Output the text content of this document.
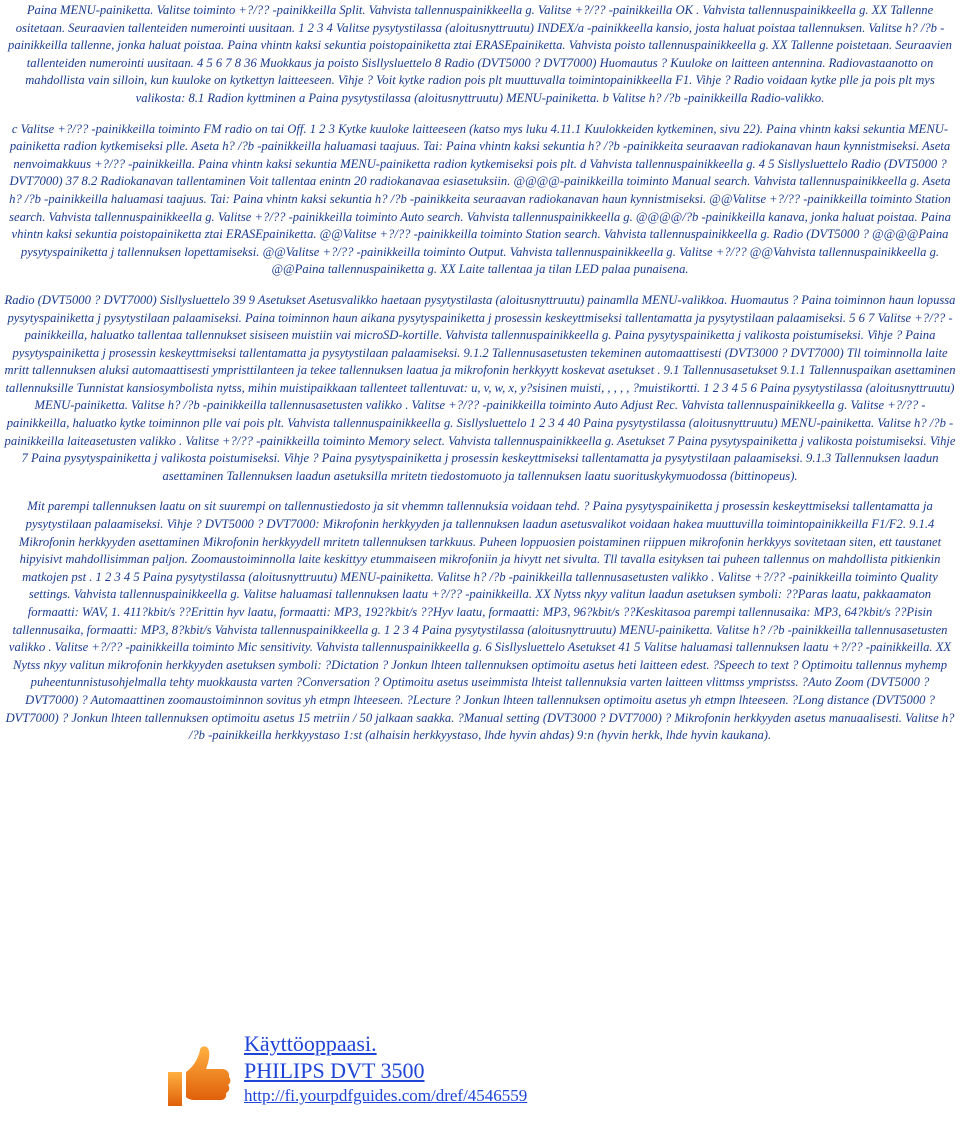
Paina MENU-painiketta. Valitse toiminto +?/?? -painikkeilla Split. Vahvista tallennuspainikkeella g. Valitse +?/?? -painikkeilla OK . Vahvista tallennuspainikkeella g. XX Tallenne ositetaan. Seuraavien tallenteiden numerointi uusitaan. 1 2 3 4 Valitse pysytystilassa (aloitusnyttruutu) INDEX/a -painikkeella kansio, josta haluat poistaa tallennuksen. Valitse h? /?b -painikkeilla tallenne, jonka haluat poistaa. Paina vhintn kaksi sekuntia poistopainiketta ztai ERASEpainiketta. Vahvista poisto tallennuspainikkeella g. XX Tallenne poistetaan. Seuraavien tallenteiden numerointi uusitaan. 4 5 6 7 8 36 Muokkaus ja poisto Sisllysluettelo 8 Radio (DVT5000 ? DVT7000) Huomautus ? Kuuloke on laitteen antennina. Radiovastaanotto on mahdollista vain silloin, kun kuuloke on kytkettyn laitteeseen. Vihje ? Voit kytke radion pois plt muuttuvalla toimintopainikkeella F1. Vihje ? Radio voidaan kytke plle ja pois plt mys valikosta: 8.1 Radion kyttminen a Paina pysytystilassa (aloitusnyttruutu) MENU-painiketta. b Valitse h? /?b -painikkeilla Radio-valikko.

c Valitse +?/?? -painikkeilla toiminto FM radio on tai Off. 1 2 3 Kytke kuuloke laitteeseen (katso mys luku 4.11.1 Kuulokkeiden kytkeminen, sivu 22). Paina vhintn kaksi sekuntia MENU-painiketta radion kytkemiseksi plle. Aseta h? /?b -painikkeilla haluamasi taajuus. Tai: Paina vhintn kaksi sekuntia h? /?b -painikkeita seuraavan radiokanavan haun kynnistmiseksi. Aseta nenvoimakkuus +?/?? -painikkeilla. Paina vhintn kaksi sekuntia MENU-painiketta radion kytkemiseksi pois plt. d Vahvista tallennuspainikkeella g. 4 5 Sisllysluettelo Radio (DVT5000 ? DVT7000) 37 8.2 Radiokanavan tallentaminen Voit tallentaa enintn 20 radiokanavaa esiasetuksiin. @@@@-painikkeilla toiminto Manual search. Vahvista tallennuspainikkeella g. Aseta h? /?b -painikkeilla haluamasi taajuus. Tai: Paina vhintn kaksi sekuntia h? /?b -painikkeita seuraavan radiokanavan haun kynnistmiseksi. @@Valitse +?/?? -painikkeilla toiminto Station search. Vahvista tallennuspainikkeella g. Valitse +?/?? -painikkeilla toiminto Auto search. Vahvista tallennuspainikkeella g. @@@@/?b -painikkeilla kanava, jonka haluat poistaa. Paina vhintn kaksi sekuntia poistopainiketta ztai ERASEpainiketta. @@Valitse +?/?? -painikkeilla toiminto Station search. Vahvista tallennuspainikkeella g. Radio (DVT5000 ? @@@@Paina pysytyspainiketta j tallennuksen lopettamiseksi. @@Valitse +?/?? -painikkeilla toiminto Output. Vahvista tallennuspainikkeella g. Valitse +?/?? @@Vahvista tallennuspainikkeella g. @@Paina tallennuspainiketta g. XX Laite tallentaa ja tilan LED palaa punaisena.

Radio (DVT5000 ? DVT7000) Sisllysluettelo 39 9 Asetukset Asetusvalikko haetaan pysytystilasta (aloitusnyttruutu) painamlla MENU-valikkoa. Huomautus ? Paina toiminnon haun lopussa pysytyspainiketta j pysytystilaan palaamiseksi. Paina toiminnon haun aikana pysytyspainiketta j prosessin keskeyttmiseksi tallentamatta ja pysytystilaan palaamiseksi. 5 6 7 Valitse +?/?? -painikkeilla, haluatko tallentaa tallennukset sisiseen muistiin vai microSD-kortille. Vahvista tallennuspainikkeella g. Paina pysytyspainiketta j valikosta poistumiseksi. Vihje ? Paina pysytyspainiketta j prosessin keskeyttmiseksi tallentamatta ja pysytystilaan palaamiseksi. 9.1.2 Tallennusasetusten tekeminen automaattisesti (DVT3000 ? DVT7000) Tll toiminnolla laite mritt tallennuksen aluksi automaattisesti ympristtilanteen ja tekee tallennuksen laatua ja mikrofonin herkkyytt koskevat asetukset . 9.1 Tallennusasetukset 9.1.1 Tallennuspaikan asettaminen tallennuksille Tunnistat kansiosymbolista nytss, mihin muistipaikkaan tallenteet tallentuvat: u, v, w, x, y?sisinen muisti, , , , , ?muistikortti. 1 2 3 4 5 6 Paina pysytystilassa (aloitusnyttruutu) MENU-painiketta. Valitse h? /?b -painikkeilla tallennusasetusten valikko . Valitse +?/?? -painikkeilla toiminto Auto Adjust Rec. Vahvista tallennuspainikkeella g. Valitse +?/?? -painikkeilla, haluatko kytke toiminnon plle vai pois plt. Vahvista tallennuspainikkeella g. Sisllysluettelo 1 2 3 4 40 Paina pysytystilassa (aloitusnyttruutu) MENU-painiketta. Valitse h? /?b -painikkeilla laiteasetusten valikko . Valitse +?/?? -painikkeilla toiminto Memory select. Vahvista tallennuspainikkeella g. Asetukset 7 Paina pysytyspainiketta j valikosta poistumiseksi. Vihje 7 Paina pysytyspainiketta j valikosta poistumiseksi. Vihje ? Paina pysytyspainiketta j prosessin keskeyttmiseksi tallentamatta ja pysytystilaan palaamiseksi. 9.1.3 Tallennuksen laadun asettaminen Tallennuksen laadun asetuksilla mritetn tiedostomuoto ja tallennuksen laatu suorituskykymuodossa (bittinopeus).

Mit parempi tallennuksen laatu on sit suurempi on tallennustiedosto ja sit vhemmn tallennuksia voidaan tehd. ? Paina pysytyspainiketta j prosessin keskeyttmiseksi tallentamatta ja pysytystilaan palaamiseksi. Vihje ? DVT5000 ? DVT7000: Mikrofonin herkkyyden ja tallennuksen laadun asetusvalikot voidaan hakea muuttuvilla toimintopainikkeilla F1/F2. 9.1.4 Mikrofonin herkkyyden asettaminen Mikrofonin herkkyydell mritetn tallennuksen tarkkuus. Puheen loppuosien poistaminen riippuen mikrofonin herkkyys sovitetaan siten, ett taustanet hipyisivt mahdollisimman paljon. Zoomaustoiminnolla laite keskittyy etummaiseen mikrofoniin ja hivytt net sivulta. Tll tavalla esityksen tai puheen tallennus on mahdollista pitkienkin matkojen pst . 1 2 3 4 5 Paina pysytystilassa (aloitusnyttruutu) MENU-painiketta. Valitse h? /?b -painikkeilla tallennusasetusten valikko . Valitse +?/?? -painikkeilla toiminto Quality settings. Vahvista tallennuspainikkeella g. Valitse haluamasi tallennuksen laatu +?/?? -painikkeilla. XX Nytss nkyy valitun laadun asetuksen symboli: ??Paras laatu, pakkaamaton formaatti: WAV, 1. 411?kbit/s ??Erittin hyv laatu, formaatti: MP3, 192?kbit/s ??Hyv laatu, formaatti: MP3, 96?kbit/s ??Keskitasoa parempi tallennusaika: MP3, 64?kbit/s ??Pisin tallennusaika, formaatti: MP3, 8?kbit/s Vahvista tallennuspainikkeella g. 1 2 3 4 Paina pysytystilassa (aloitusnyttruutu) MENU-painiketta. Valitse h? /?b -painikkeilla tallennusasetusten valikko . Valitse +?/?? -painikkeilla toiminto Mic sensitivity. Vahvista tallennuspainikkeella g. 6 Sisllysluettelo Asetukset 41 5 Valitse haluamasi tallennuksen laatu +?/?? -painikkeilla. XX Nytss nkyy valitun mikrofonin herkkyyden asetuksen symboli: ?Dictation ? Jonkun lhteen tallennuksen optimoitu asetus heti laitteen edest. ?Speech to text ? Optimoitu tallennus myhemp puheentunnistusohjelmalla tehty muokkausta varten ?Conversation ? Optimoitu asetus useimmista lhteist tallennuksia varten laitteen vlittmss ympristss. ?Auto Zoom (DVT5000 ? DVT7000) ? Automaattinen zoomaustoiminnon sovitus yh etmpn lhteeseen. ?Lecture ? Jonkun lhteen tallennuksen optimoitu asetus yh etmpn lhteeseen. ?Long distance (DVT5000 ? DVT7000) ? Jonkun lhteen tallennuksen optimoitu asetus 15 metriin / 50 jalkaan saakka. ?Manual setting (DVT3000 ? DVT7000) ? Mikrofonin herkkyyden asetus manuaalisesti. Valitse h? /?b -painikkeilla herkkyystaso 1:st (alhaisin herkkyystaso, lhde hyvin ahdas) 9:n (hyvin herkk, lhde hyvin kaukana).

Käyttöoppaasi.
PHILIPS DVT 3500
http://fi.yourpdfguides.com/dref/4546559
